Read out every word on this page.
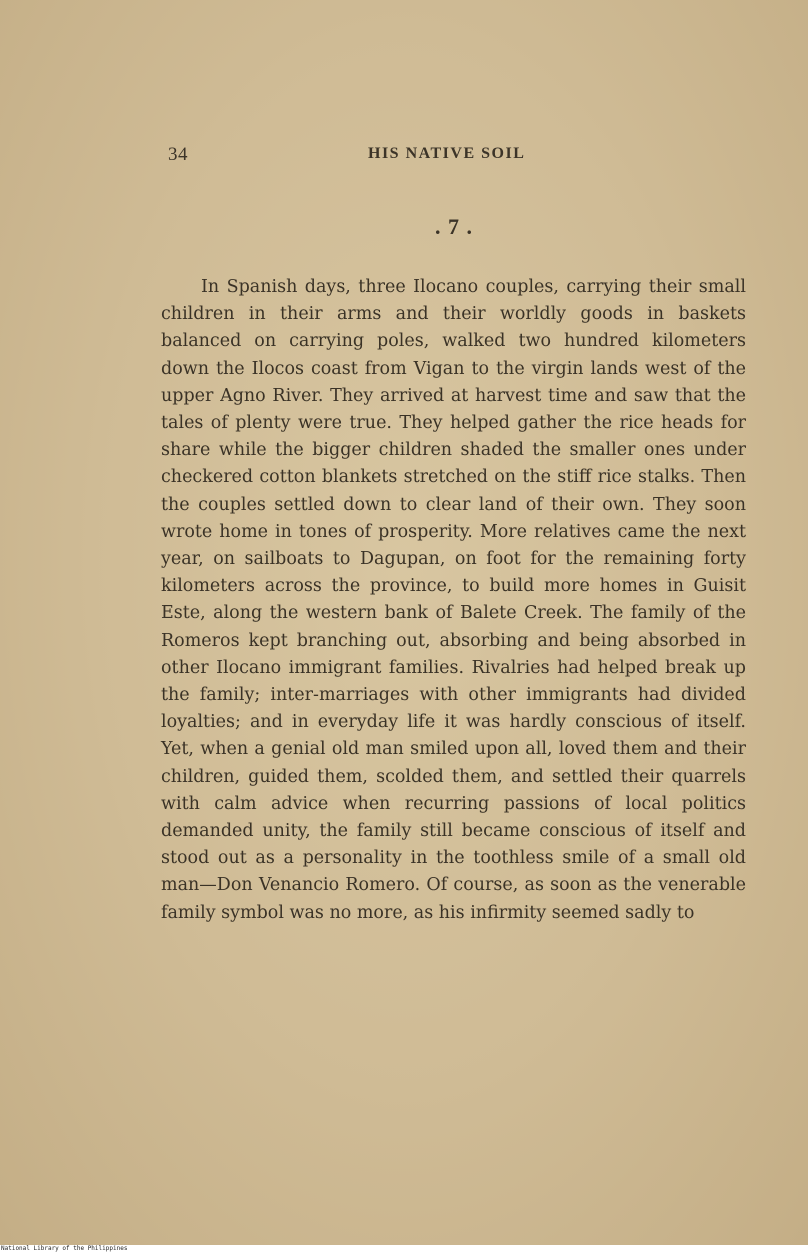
34	HIS NATIVE SOIL
. 7 .

In Spanish days, three Ilocano couples, carrying their small children in their arms and their worldly goods in baskets balanced on carrying poles, walked two hundred kilometers down the Ilocos coast from Vigan to the virgin lands west of the upper Agno River. They arrived at harvest time and saw that the tales of plenty were true. They helped gather the rice heads for share while the bigger children shaded the smaller ones under checkered cotton blankets stretched on the stiff rice stalks. Then the couples settled down to clear land of their own. They soon wrote home in tones of prosperity. More relatives came the next year, on sailboats to Dagupan, on foot for the remaining forty kilometers across the province, to build more homes in Guisit Este, along the western bank of Balete Creek. The family of the Romeros kept branching out, absorbing and being absorbed in other Ilocano immigrant families. Rivalries had helped break up the family; inter-marriages with other immigrants had divided loyalties; and in everyday life it was hardly conscious of itself. Yet, when a genial old man smiled upon all, loved them and their children, guided them, scolded them, and settled their quarrels with calm advice when recurring passions of local politics demanded unity, the family still became conscious of itself and stood out as a personality in the toothless smile of a small old man—Don Venancio Romero. Of course, as soon as the venerable family symbol was no more, as his infirmity seemed sadly to

National Library of the Philippines
